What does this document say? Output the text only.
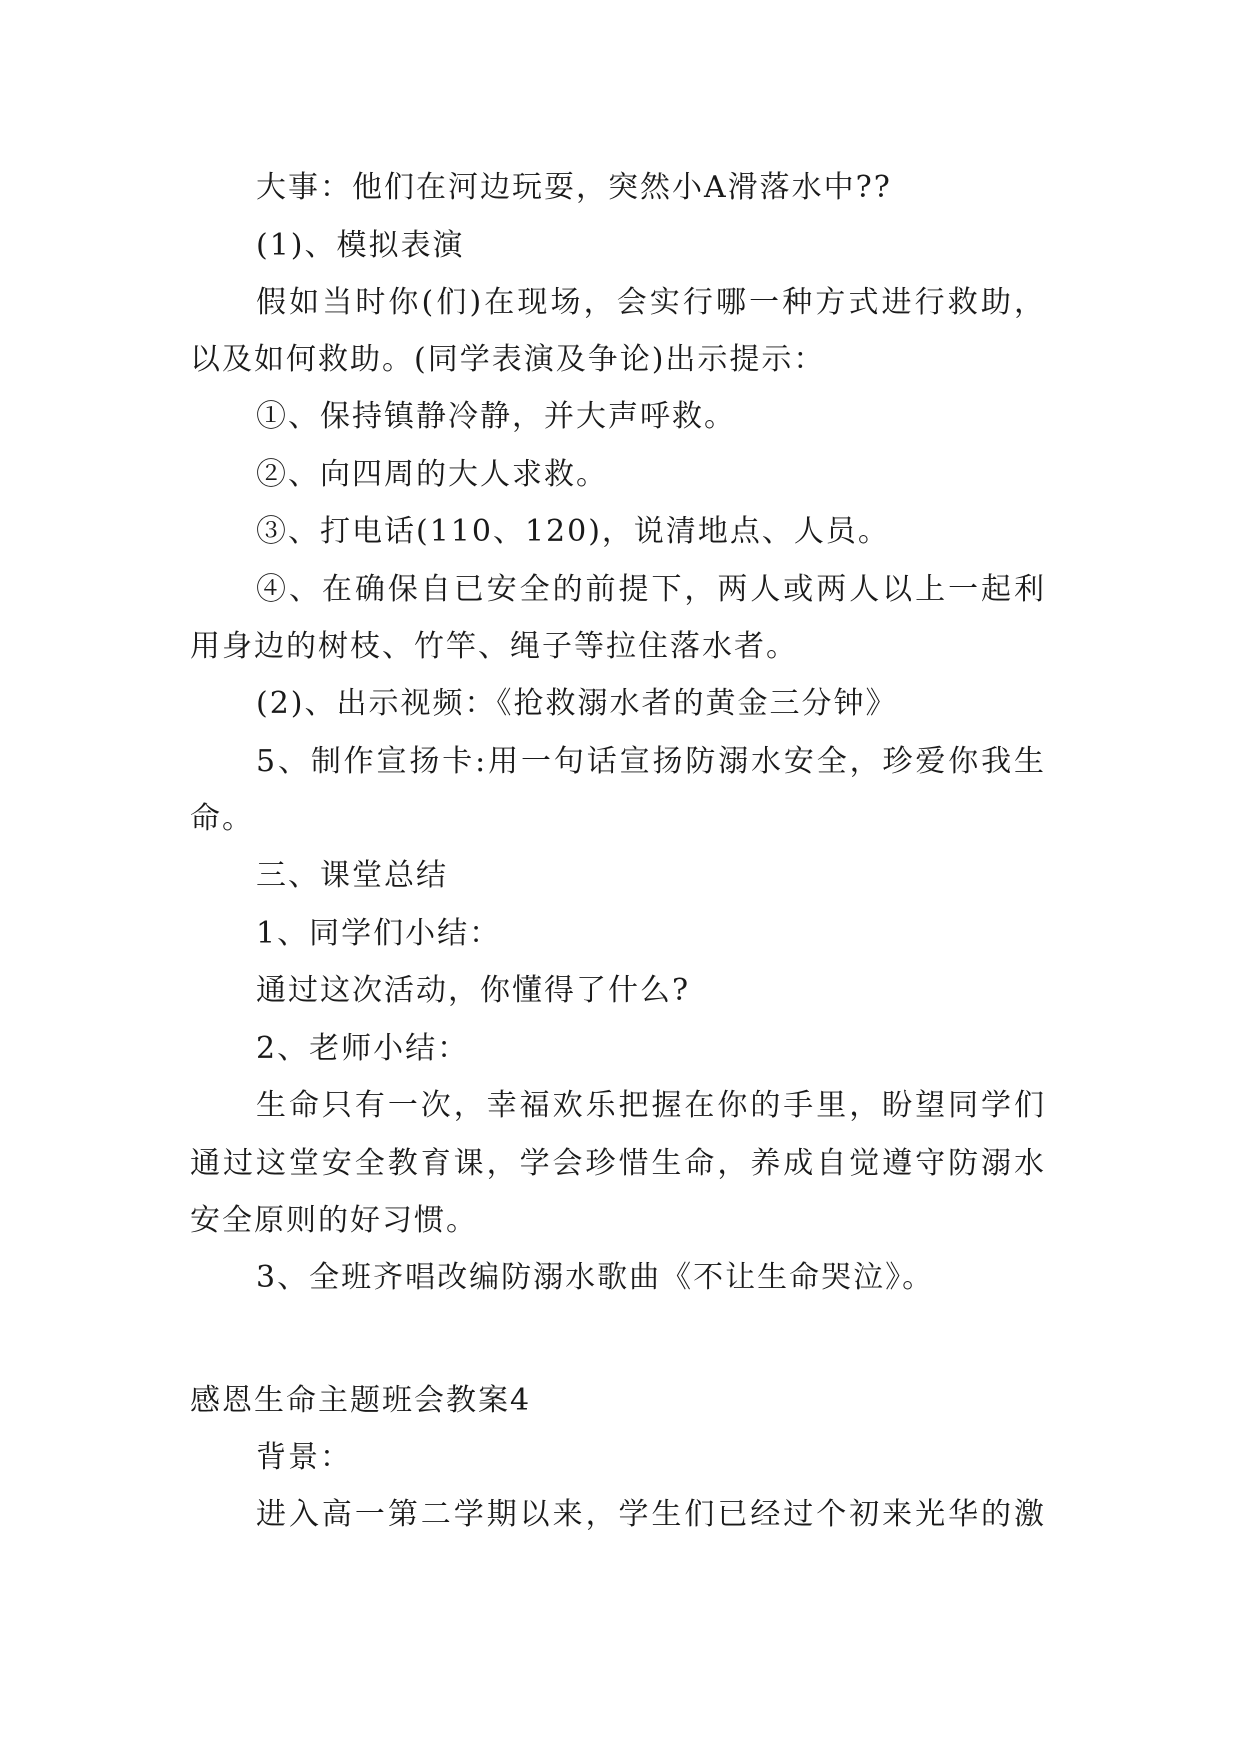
大事：他们在河边玩耍，突然小A滑落水中??
(1)、模拟表演
假如当时你(们)在现场，会实行哪一种方式进行救助，
以及如何救助。(同学表演及争论)出示提示：
①、保持镇静冷静，并大声呼救。
②、向四周的大人求救。
③、打电话(110、120)，说清地点、人员。
④、在确保自已安全的前提下，两人或两人以上一起利
用身边的树枝、竹竿、绳子等拉住落水者。
(2)、出示视频：《抢救溺水者的黄金三分钟》
5、制作宣扬卡:用一句话宣扬防溺水安全，珍爱你我生
命。
三、课堂总结
1、同学们小结：
通过这次活动，你懂得了什么?
2、老师小结：
生命只有一次，幸福欢乐把握在你的手里，盼望同学们
通过这堂安全教育课，学会珍惜生命，养成自觉遵守防溺水
安全原则的好习惯。
3、全班齐唱改编防溺水歌曲《不让生命哭泣》。
感恩生命主题班会教案4
背景：
进入高一第二学期以来，学生们已经过个初来光华的激
